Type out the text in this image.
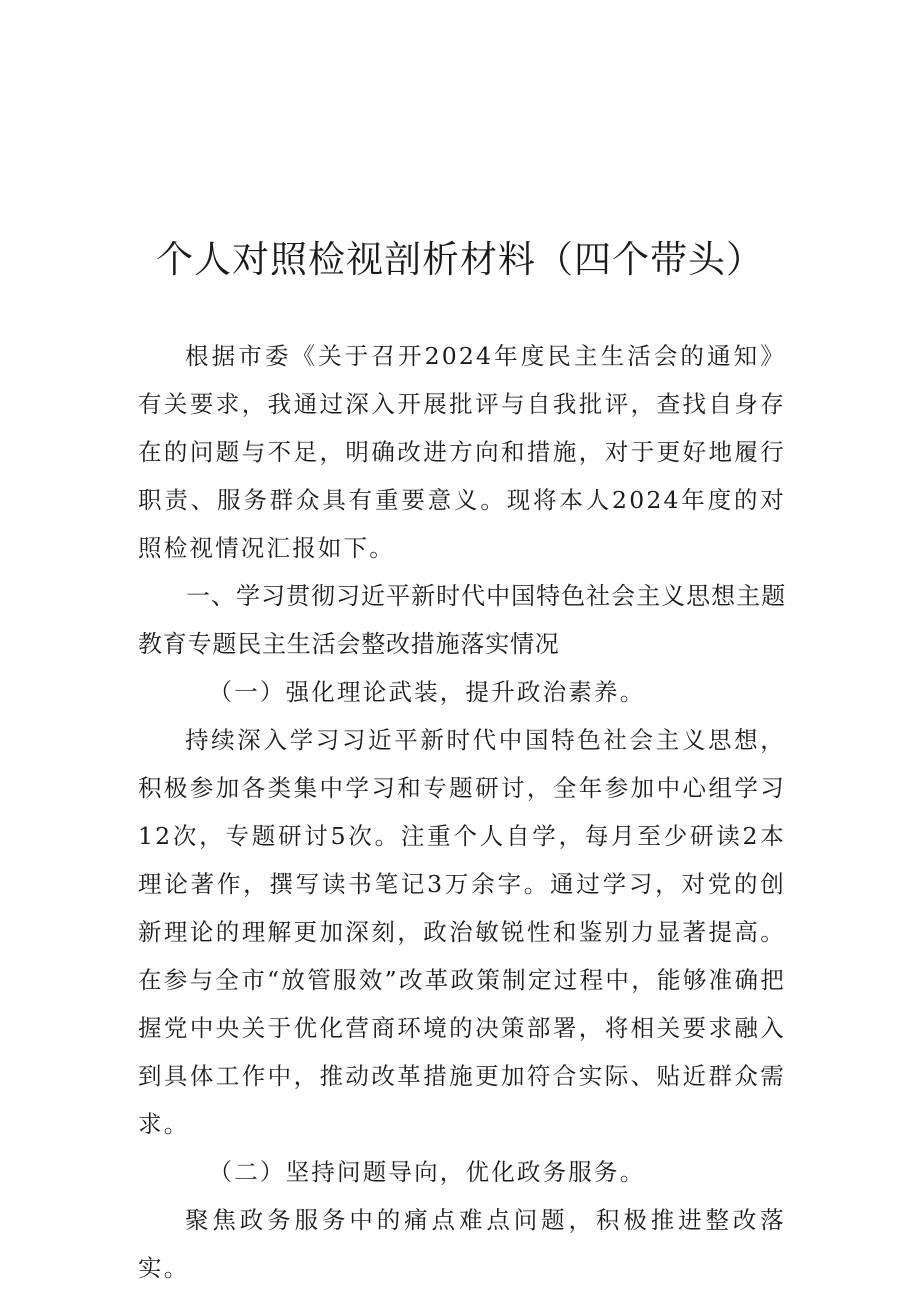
个人对照检视剖析材料（四个带头）

根据市委《关于召开2024年度民主生活会的通知》有关要求，我通过深入开展批评与自我批评，查找自身存在的问题与不足，明确改进方向和措施，对于更好地履行职责、服务群众具有重要意义。现将本人2024年度的对照检视情况汇报如下。

一、学习贯彻习近平新时代中国特色社会主义思想主题教育专题民主生活会整改措施落实情况

（一）强化理论武装，提升政治素养。

持续深入学习习近平新时代中国特色社会主义思想，积极参加各类集中学习和专题研讨，全年参加中心组学习12次，专题研讨5次。注重个人自学，每月至少研读2本理论著作，撰写读书笔记3万余字。通过学习，对党的创新理论的理解更加深刻，政治敏锐性和鉴别力显著提高。在参与全市“放管服效”改革政策制定过程中，能够准确把握党中央关于优化营商环境的决策部署，将相关要求融入到具体工作中，推动改革措施更加符合实际、贴近群众需求。

（二）坚持问题导向，优化政务服务。

聚焦政务服务中的痛点难点问题，积极推进整改落实。
